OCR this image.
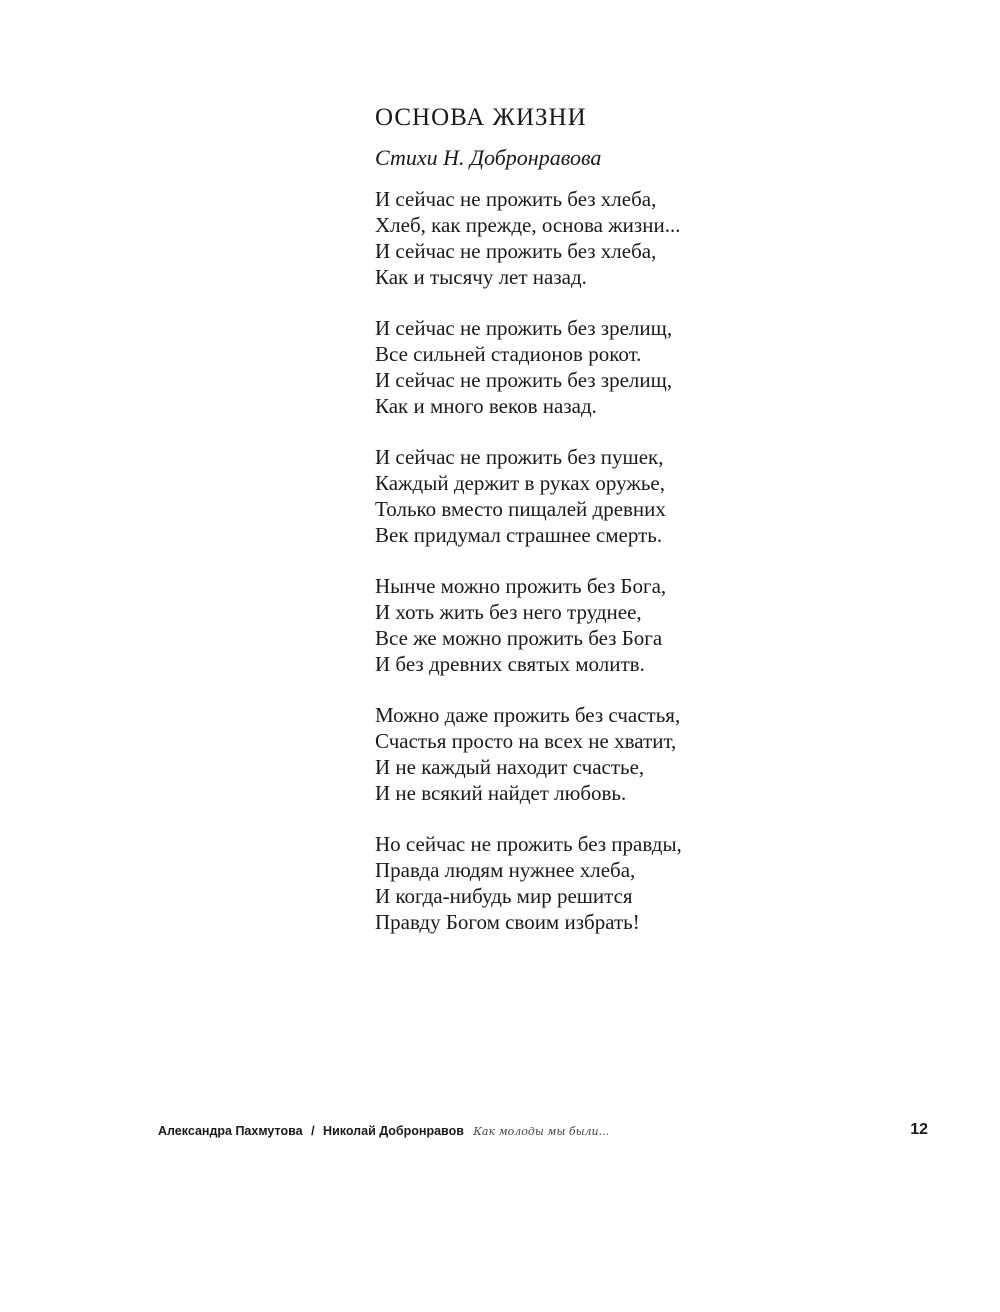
ОСНОВА ЖИЗНИ
Стихи Н. Добронравова
И сейчас не прожить без хлеба,
Хлеб, как прежде, основа жизни...
И сейчас не прожить без хлеба,
Как и тысячу лет назад.
И сейчас не прожить без зрелищ,
Все сильней стадионов рокот.
И сейчас не прожить без зрелищ,
Как и много веков назад.
И сейчас не прожить без пушек,
Каждый держит в руках оружье,
Только вместо пищалей древних
Век придумал страшнее смерть.
Нынче можно прожить без Бога,
И хоть жить без него труднее,
Все же можно прожить без Бога
И без древних святых молитв.
Можно даже прожить без счастья,
Счастья просто на всех не хватит,
И не каждый находит счастье,
И не всякий найдет любовь.
Но сейчас не прожить без правды,
Правда людям нужнее хлеба,
И когда-нибудь мир решится
Правду Богом своим избрать!
Александра Пахмутова / Николай Добронравов Как молоды мы были...	12
